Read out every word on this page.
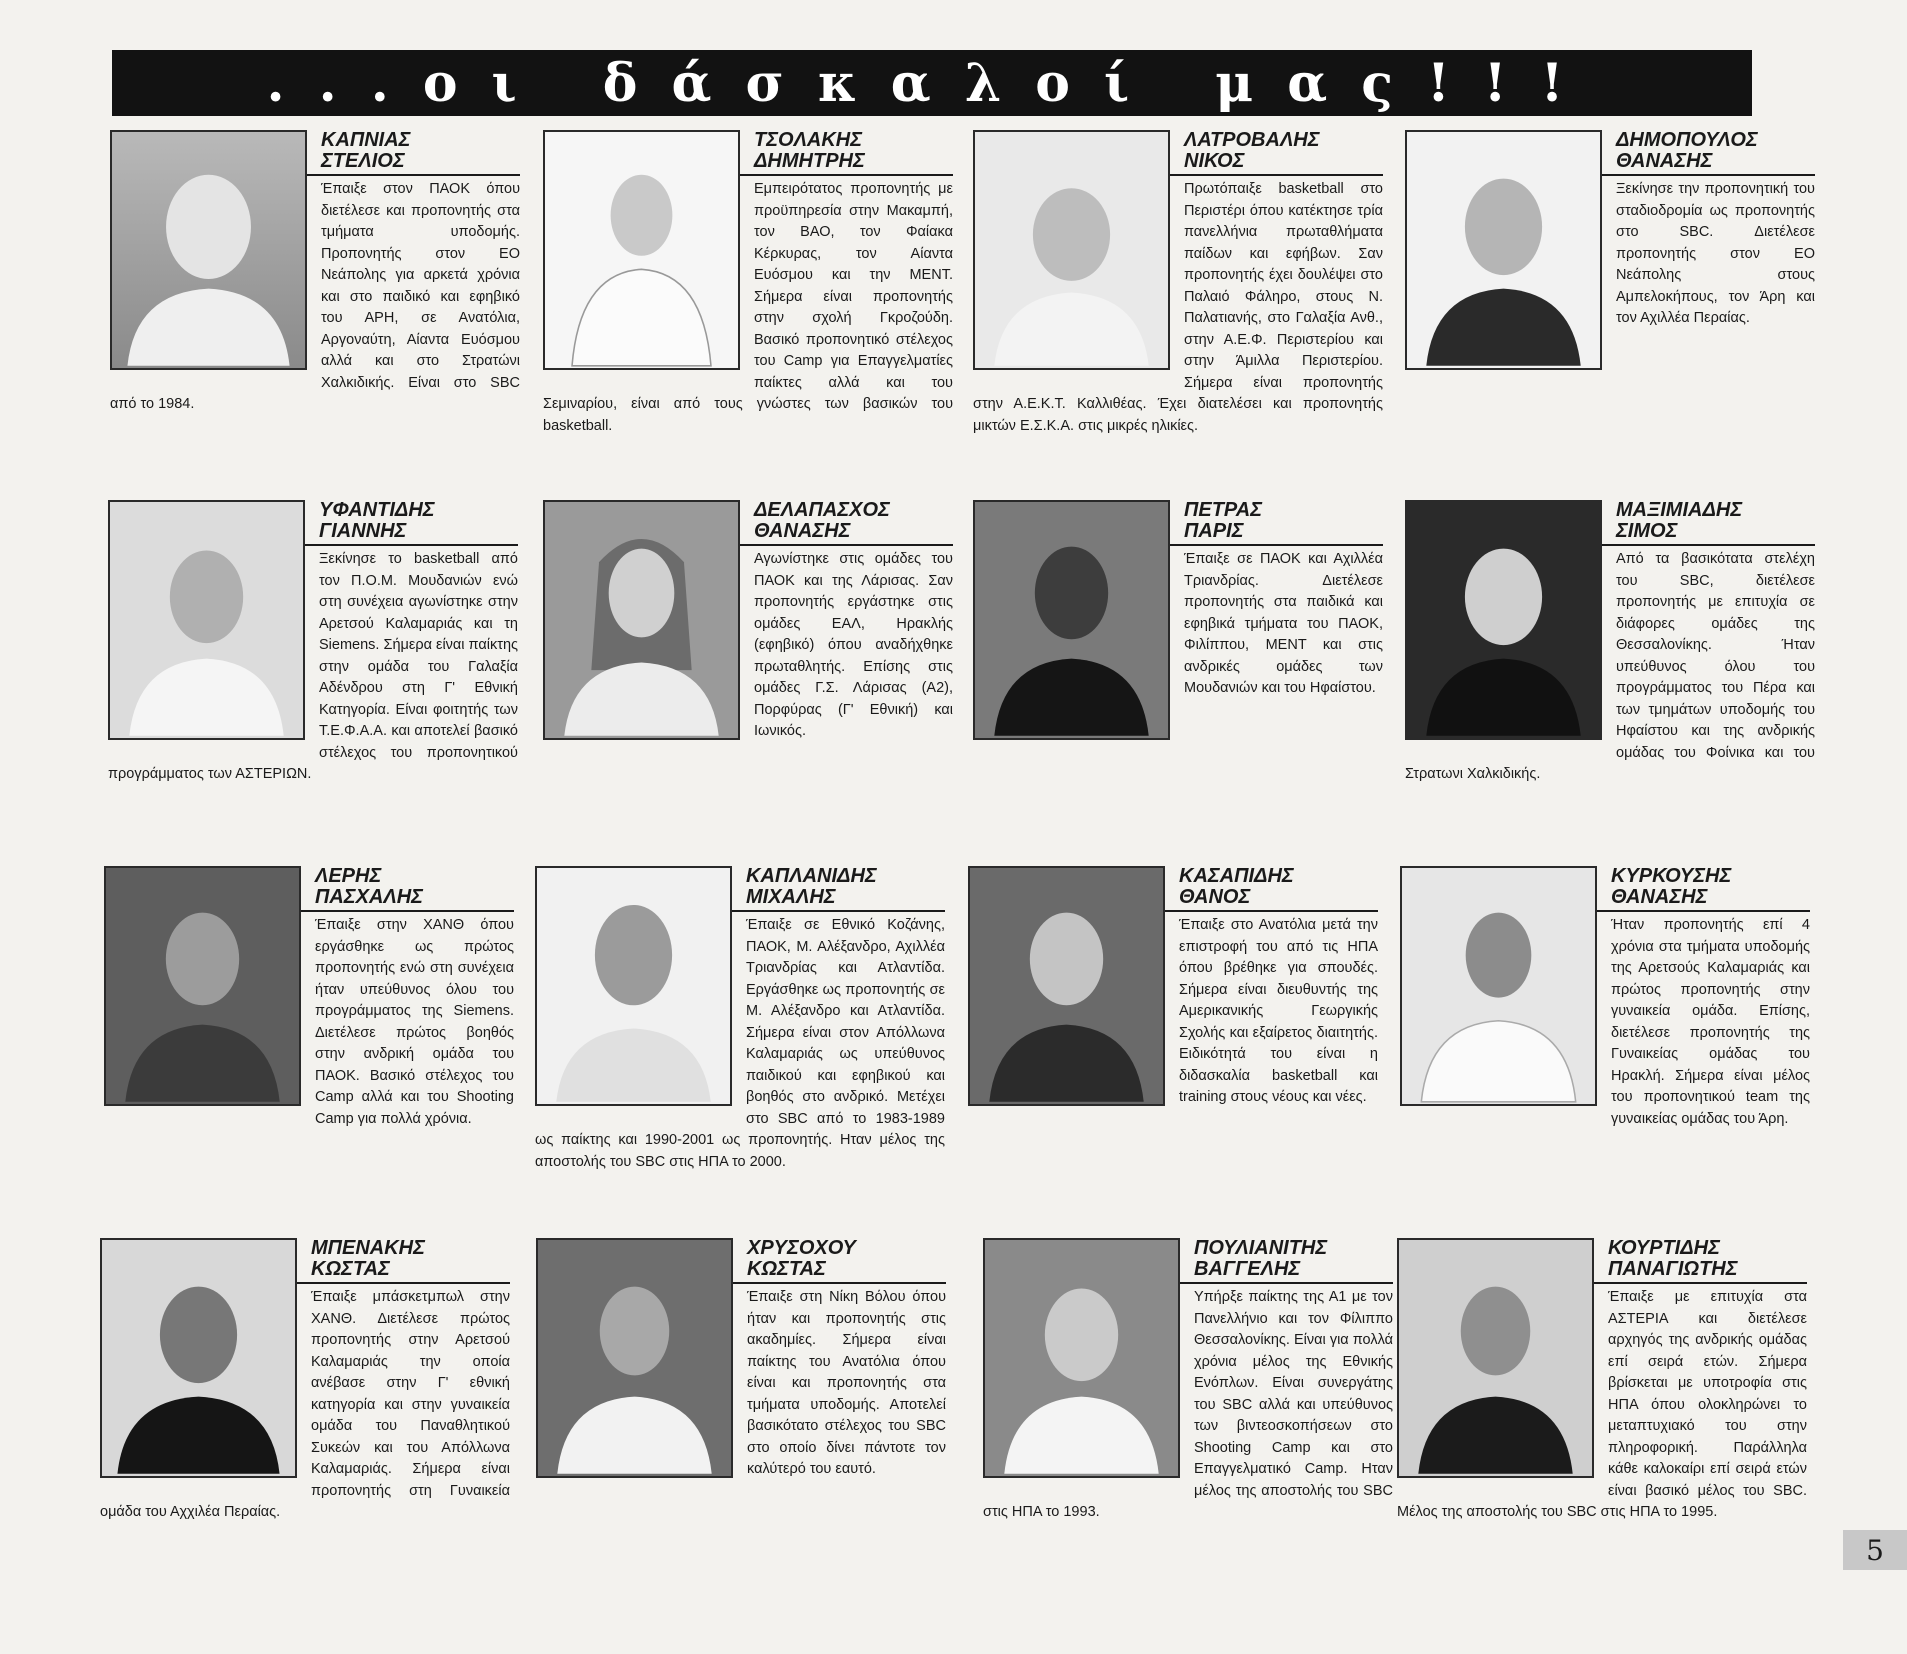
...οι δάσκαλοί μας!!!
ΚΑΠΝΙΑΣ
ΣΤΕΛΙΟΣ

Έπαιξε στον ΠΑΟΚ όπου διετέλεσε και προπονητής στα τμήματα υποδομής. Προπονητής στον ΕΟ Νεάπολης για αρκετά χρόνια και στο παιδικό και εφηβικό του ΑΡΗ, σε Ανατόλια, Αργοναύτη, Αίαντα Ευόσμου αλλά και στο Στρατώνι Χαλκιδικής. Είναι στο SBC από το 1984.

ΤΣΟΛΑΚΗΣ
ΔΗΜΗΤΡΗΣ

Εμπειρότατος προπονητής με προϋπηρεσία στην Μακαμπή, τον ΒΑΟ, τον Φαίακα Κέρκυρας, τον Αίαντα Ευόσμου και την ΜΕΝΤ. Σήμερα είναι προπονητής στην σχολή Γκροζούδη. Βασικό προπονητικό στέλεχος του Camp για Επαγγελματίες παίκτες αλλά και του Σεμιναρίου, είναι από τους γνώστες των βασικών του basketball.

ΛΑΤΡΟΒΑΛΗΣ
ΝΙΚΟΣ

Πρωτόπαιξε basketball στο Περιστέρι όπου κατέκτησε τρία πανελλήνια πρωταθλήματα παίδων και εφήβων. Σαν προπονητής έχει δουλέψει στο Παλαιό Φάληρο, στους Ν. Παλατιανής, στο Γαλαξία Ανθ., στην Α.Ε.Φ. Περιστερίου και στην Άμιλλα Περιστερίου. Σήμερα είναι προπονητής στην Α.Ε.Κ.Τ. Καλλιθέας. Έχει διατελέσει και προπονητής μικτών Ε.Σ.Κ.Α. στις μικρές ηλικίες.

ΔΗΜΟΠΟΥΛΟΣ
ΘΑΝΑΣΗΣ

Ξεκίνησε την προπονητική του σταδιοδρομία ως προπονητής στο SBC. Διετέλεσε προπονητής στον ΕΟ Νεάπολης στους Αμπελοκήπους, τον Άρη και τον Αχιλλέα Περαίας.

ΥΦΑΝΤΙΔΗΣ
ΓΙΑΝΝΗΣ

Ξεκίνησε το basketball από τον Π.Ο.Μ. Μουδανιών ενώ στη συνέχεια αγωνίστηκε στην Αρετσού Καλαμαριάς και τη Siemens. Σήμερα είναι παίκτης στην ομάδα του Γαλαξία Αδένδρου στη Γ' Εθνική Κατηγορία. Είναι φοιτητής των Τ.Ε.Φ.Α.Α. και αποτελεί βασικό στέλεχος του προπονητικού προγράμματος των ΑΣΤΕΡΙΩΝ.

ΔΕΛΑΠΑΣΧΟΣ
ΘΑΝΑΣΗΣ

Αγωνίστηκε στις ομάδες του ΠΑΟΚ και της Λάρισας. Σαν προπονητής εργάστηκε στις ομάδες ΕΑΛ, Ηρακλής (εφηβικό) όπου αναδήχθηκε πρωταθλητής. Επίσης στις ομάδες Γ.Σ. Λάρισας (Α2), Πορφύρας (Γ' Εθνική) και Ιωνικός.

ΠΕΤΡΑΣ
ΠΑΡΙΣ

Έπαιξε σε ΠΑΟΚ και Αχιλλέα Τριανδρίας. Διετέλεσε προπονητής στα παιδικά και εφηβικά τμήματα του ΠΑΟΚ, Φιλίππου, ΜΕΝΤ και στις ανδρικές ομάδες των Μουδανιών και του Ηφαίστου.

ΜΑΞΙΜΙΑΔΗΣ
ΣΙΜΟΣ

Από τα βασικότατα στελέχη του SBC, διετέλεσε προπονητής με επιτυχία σε διάφορες ομάδες της Θεσσαλονίκης. Ήταν υπεύθυνος όλου του προγράμματος του Πέρα και των τμημάτων υποδομής του Ηφαίστου και της ανδρικής ομάδας του Φοίνικα και του Στρατωνι Χαλκιδικής.

ΛΕΡΗΣ
ΠΑΣΧΑΛΗΣ

Έπαιξε στην ΧΑΝΘ όπου εργάσθηκε ως πρώτος προπονητής ενώ στη συνέχεια ήταν υπεύθυνος όλου του προγράμματος της Siemens. Διετέλεσε πρώτος βοηθός στην ανδρική ομάδα του ΠΑΟΚ. Βασικό στέλεχος του Camp αλλά και του Shooting Camp για πολλά χρόνια.

ΚΑΠΛΑΝΙΔΗΣ
ΜΙΧΑΛΗΣ

Έπαιξε σε Εθνικό Κοζάνης, ΠΑΟΚ, Μ. Αλέξανδρο, Αχιλλέα Τριανδρίας και Ατλαντίδα. Εργάσθηκε ως προπονητής σε Μ. Αλέξανδρο και Ατλαντίδα. Σήμερα είναι στον Απόλλωνα Καλαμαριάς ως υπεύθυνος παιδικού και εφηβικού και βοηθός στο ανδρικό. Μετέχει στο SBC από το 1983-1989 ως παίκτης και 1990-2001 ως προπονητής. Ηταν μέλος της αποστολής του SBC στις ΗΠΑ το 2000.

ΚΑΣΑΠΙΔΗΣ
ΘΑΝΟΣ

Έπαιξε στο Ανατόλια μετά την επιστροφή του από τις ΗΠΑ όπου βρέθηκε για σπουδές. Σήμερα είναι διευθυντής της Αμερικανικής Γεωργικής Σχολής και εξαίρετος διαιτητής. Ειδικότητά του είναι η διδασκαλία basketball και training στους νέους και νέες.

ΚΥΡΚΟΥΣΗΣ
ΘΑΝΑΣΗΣ

Ήταν προπονητής επί 4 χρόνια στα τμήματα υποδομής της Αρετσούς Καλαμαριάς και πρώτος προπονητής στην γυναικεία ομάδα. Επίσης, διετέλεσε προπονητής της Γυναικείας ομάδας του Ηρακλή. Σήμερα είναι μέλος του προπονητικού team της γυναικείας ομάδας του Άρη.

ΜΠΕΝΑΚΗΣ
ΚΩΣΤΑΣ

Έπαιξε μπάσκετμπωλ στην ΧΑΝΘ. Διετέλεσε πρώτος προπονητής στην Αρετσού Καλαμαριάς την οποία ανέβασε στην Γ' εθνική κατηγορία και στην γυναικεία ομάδα του Παναθλητικού Συκεών και του Απόλλωνα Καλαμαριάς. Σήμερα είναι προπονητής στη Γυναικεία ομάδα του Αχχιλέα Περαίας.

ΧΡΥΣΟΧΟΥ
ΚΩΣΤΑΣ

Έπαιξε στη Νίκη Βόλου όπου ήταν και προπονητής στις ακαδημίες. Σήμερα είναι παίκτης του Ανατόλια όπου είναι και προπονητής στα τμήματα υποδομής. Αποτελεί βασικότατο στέλεχος του SBC στο οποίο δίνει πάντοτε τον καλύτερό του εαυτό.

ΠΟΥΛΙΑΝΙΤΗΣ
ΒΑΓΓΕΛΗΣ

Υπήρξε παίκτης της Α1 με τον Πανελλήνιο και τον Φίλιππο Θεσσαλονίκης. Είναι για πολλά χρόνια μέλος της Εθνικής Ενόπλων. Είναι συνεργάτης του SBC αλλά και υπεύθυνος των βιντεοσκοπήσεων στο Shooting Camp και στο Επαγγελματικό Camp. Ηταν μέλος της αποστολής του SBC στις ΗΠΑ το 1993.

ΚΟΥΡΤΙΔΗΣ
ΠΑΝΑΓΙΩΤΗΣ

Έπαιξε με επιτυχία στα ΑΣΤΕΡΙΑ και διετέλεσε αρχηγός της ανδρικής ομάδας επί σειρά ετών. Σήμερα βρίσκεται με υποτροφία στις ΗΠΑ όπου ολοκληρώνει το μεταπτυχιακό του στην πληροφορική. Παράλληλα κάθε καλοκαίρι επί σειρά ετών είναι βασικό μέλος του SBC. Μέλος της αποστολής του SBC στις ΗΠΑ το 1995.

5
